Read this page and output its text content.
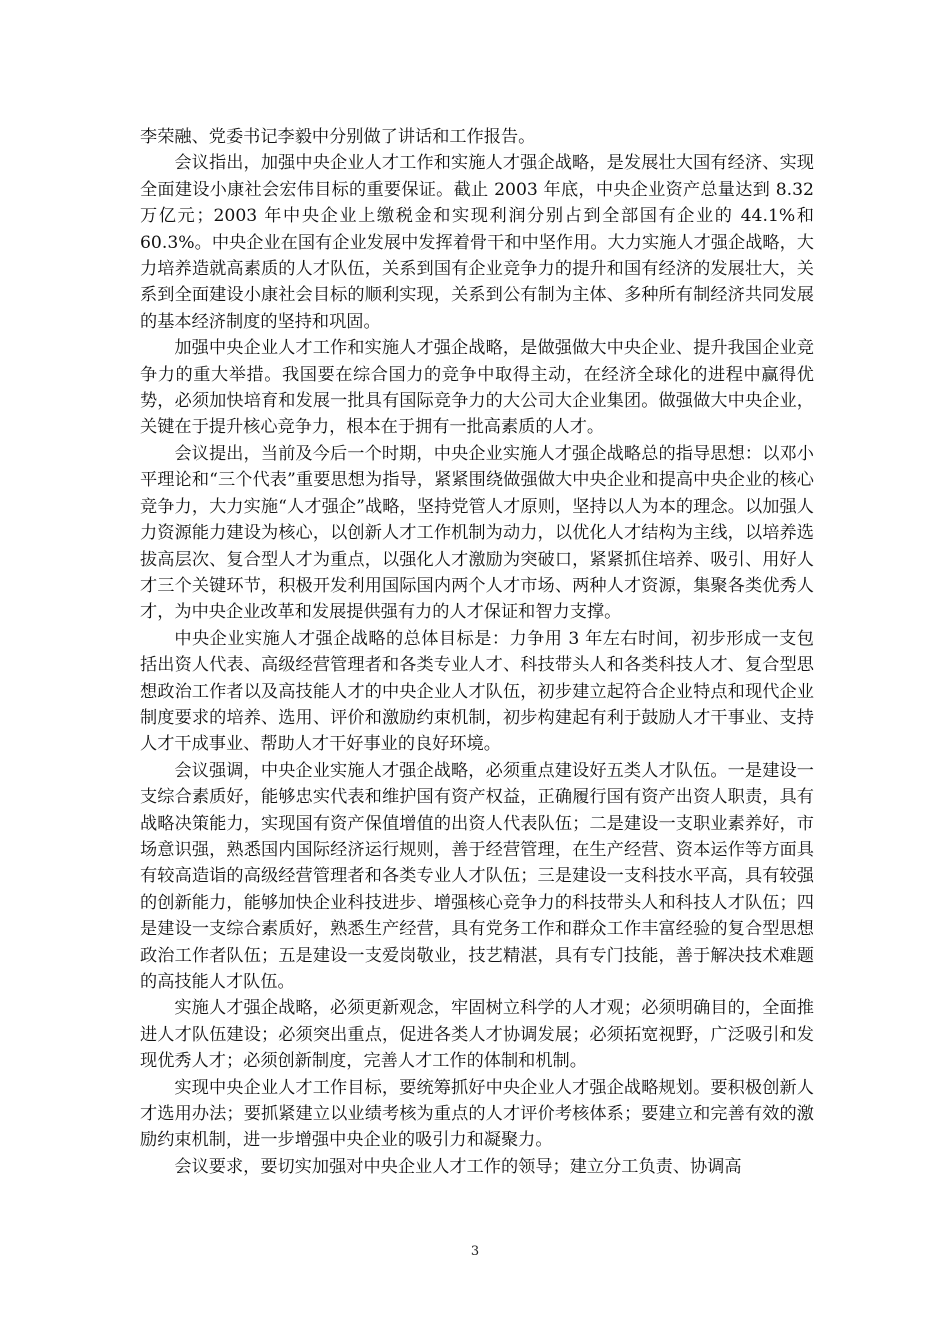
李荣融、党委书记李毅中分别做了讲话和工作报告。

会议指出，加强中央企业人才工作和实施人才强企战略，是发展壮大国有经济、实现全面建设小康社会宏伟目标的重要保证。截止 2003 年底，中央企业资产总量达到 8.32 万亿元；2003 年中央企业上缴税金和实现利润分别占到全部国有企业的 44.1%和 60.3%。中央企业在国有企业发展中发挥着骨干和中坚作用。大力实施人才强企战略，大力培养造就高素质的人才队伍，关系到国有企业竞争力的提升和国有经济的发展壮大，关系到全面建设小康社会目标的顺利实现，关系到公有制为主体、多种所有制经济共同发展的基本经济制度的坚持和巩固。

加强中央企业人才工作和实施人才强企战略，是做强做大中央企业、提升我国企业竞争力的重大举措。我国要在综合国力的竞争中取得主动，在经济全球化的进程中赢得优势，必须加快培育和发展一批具有国际竞争力的大公司大企业集团。做强做大中央企业，关键在于提升核心竞争力，根本在于拥有一批高素质的人才。

会议提出，当前及今后一个时期，中央企业实施人才强企战略总的指导思想：以邓小平理论和“三个代表”重要思想为指导，紧紧围绕做强做大中央企业和提高中央企业的核心竞争力，大力实施“人才强企”战略，坚持党管人才原则，坚持以人为本的理念。以加强人力资源能力建设为核心，以创新人才工作机制为动力，以优化人才结构为主线，以培养选拔高层次、复合型人才为重点，以强化人才激励为突破口，紧紧抓住培养、吸引、用好人才三个关键环节，积极开发利用国际国内两个人才市场、两种人才资源，集聚各类优秀人才，为中央企业改革和发展提供强有力的人才保证和智力支撑。

中央企业实施人才强企战略的总体目标是：力争用 3 年左右时间，初步形成一支包括出资人代表、高级经营管理者和各类专业人才、科技带头人和各类科技人才、复合型思想政治工作者以及高技能人才的中央企业人才队伍，初步建立起符合企业特点和现代企业制度要求的培养、选用、评价和激励约束机制，初步构建起有利于鼓励人才干事业、支持人才干成事业、帮助人才干好事业的良好环境。

会议强调，中央企业实施人才强企战略，必须重点建设好五类人才队伍。一是建设一支综合素质好，能够忠实代表和维护国有资产权益，正确履行国有资产出资人职责，具有战略决策能力，实现国有资产保值增值的出资人代表队伍；二是建设一支职业素养好，市场意识强，熟悉国内国际经济运行规则，善于经营管理，在生产经营、资本运作等方面具有较高造诣的高级经营管理者和各类专业人才队伍；三是建设一支科技水平高，具有较强的创新能力，能够加快企业科技进步、增强核心竞争力的科技带头人和科技人才队伍；四是建设一支综合素质好，熟悉生产经营，具有党务工作和群众工作丰富经验的复合型思想政治工作者队伍；五是建设一支爱岗敬业，技艺精湛，具有专门技能，善于解决技术难题的高技能人才队伍。

实施人才强企战略，必须更新观念，牢固树立科学的人才观；必须明确目的，全面推进人才队伍建设；必须突出重点，促进各类人才协调发展；必须拓宽视野，广泛吸引和发现优秀人才；必须创新制度，完善人才工作的体制和机制。

实现中央企业人才工作目标，要统筹抓好中央企业人才强企战略规划。要积极创新人才选用办法；要抓紧建立以业绩考核为重点的人才评价考核体系；要建立和完善有效的激励约束机制，进一步增强中央企业的吸引力和凝聚力。

会议要求，要切实加强对中央企业人才工作的领导；建立分工负责、协调高

3
